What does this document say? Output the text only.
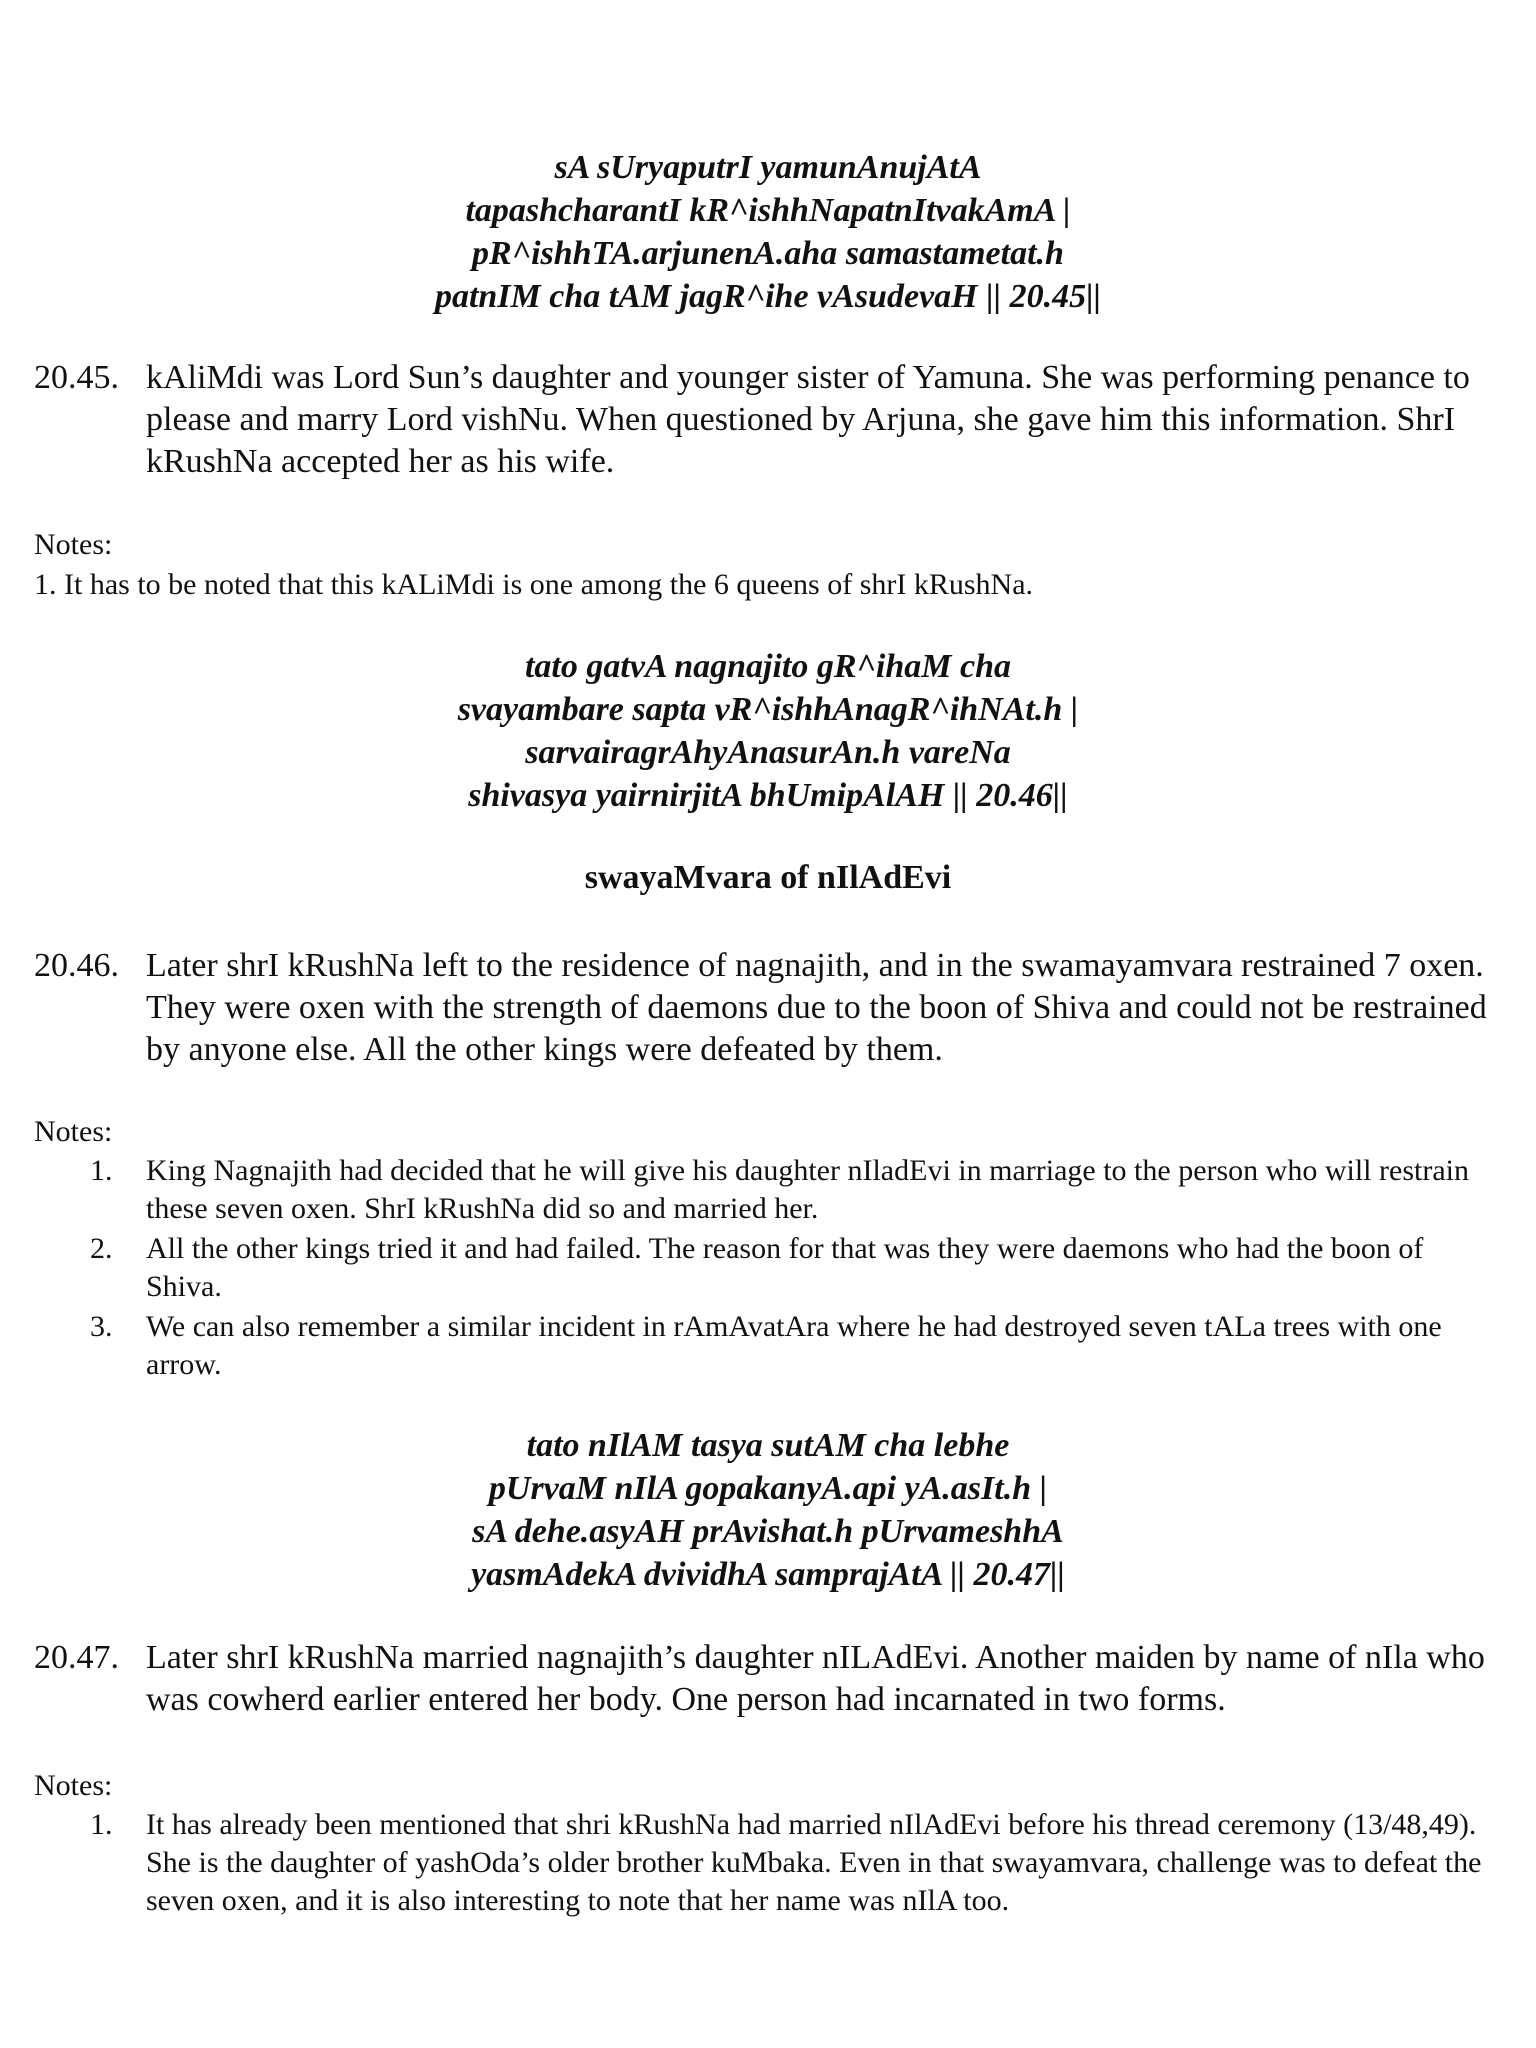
sA sUryaputrI yamunAnujAtA
tapashcharantI kR^ishhNapatnItvakAmA |
pR^ishhTA.arjunenA.aha samastametat.h
patnIM cha tAM jagR^ihe vAsudevaH || 20.45||
20.45. kAliMdi was Lord Sun’s daughter and younger sister of Yamuna. She was performing penance to please and marry Lord vishNu. When questioned by Arjuna, she gave him this information. ShrI kRushNa accepted her as his wife.
Notes:
1. It has to be noted that this kALiMdi is one among the 6 queens of shrI kRushNa.
tato gatvA nagnajito gR^ihaM cha
svayambare sapta vR^ishhAnagR^ihNAt.h |
sarvairagrAhyAnasurAn.h vareNa
shivasya yairnirjitA bhUmipAlAH || 20.46||
swayaMvara of nIlAdEvi
20.46. Later shrI kRushNa left to the residence of nagnajith, and in the swamayamvara restrained 7 oxen. They were oxen with the strength of daemons due to the boon of Shiva and could not be restrained by anyone else. All the other kings were defeated by them.
Notes:
1. King Nagnajith had decided that he will give his daughter nIladEvi in marriage to the person who will restrain these seven oxen. ShrI kRushNa did so and married her.
2. All the other kings tried it and had failed. The reason for that was they were daemons who had the boon of Shiva.
3. We can also remember a similar incident in rAmAvatAra where he had destroyed seven tALa trees with one arrow.
tato nIlAM tasya sutAM cha lebhe
pUrvaM nIlA gopakanyA.api yA.asIt.h |
sA dehe.asyAH prAvishat.h pUrvameshhA
yasmAdekA dvividhA samprajAtA || 20.47||
20.47. Later shrI kRushNa married nagnajith’s daughter nILAdEvi. Another maiden by name of nIla who was cowherd earlier entered her body. One person had incarnated in two forms.
Notes:
1. It has already been mentioned that shri kRushNa had married nIlAdEvi before his thread ceremony (13/48,49). She is the daughter of yashOda’s older brother kuMbaka. Even in that swayamvara, challenge was to defeat the seven oxen, and it is also interesting to note that her name was nIlA too.
